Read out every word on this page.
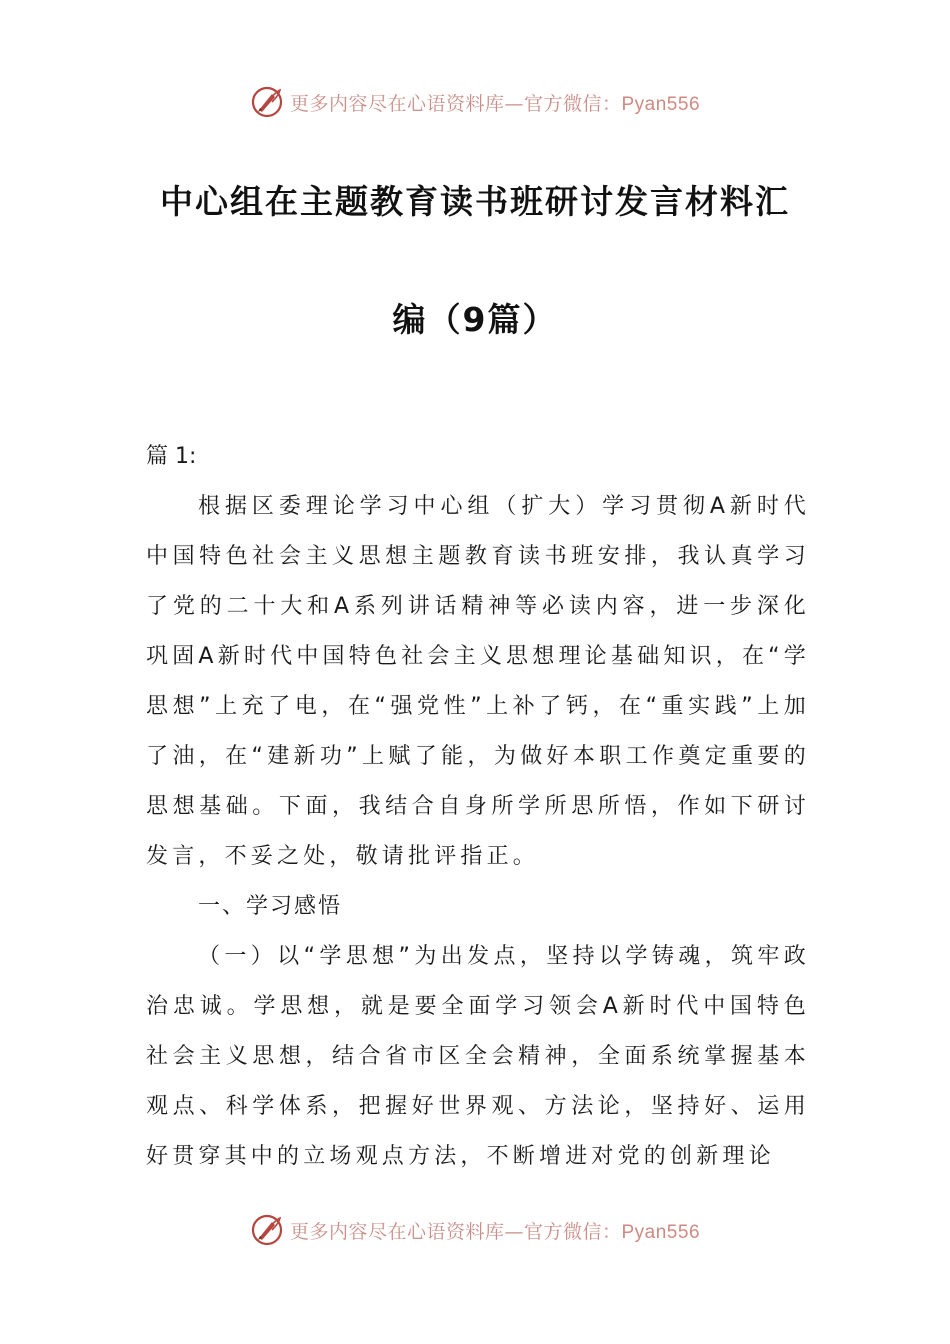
更多内容尽在心语资料库—官方微信：Pyan556
中心组在主题教育读书班研讨发言材料汇
编（9篇）

篇 1:

根据区委理论学习中心组（扩大）学习贯彻A新时代中国特色社会主义思想主题教育读书班安排，我认真学习了党的二十大和A系列讲话精神等必读内容，进一步深化巩固A新时代中国特色社会主义思想理论基础知识，在“学思想”上充了电，在“强党性”上补了钙，在“重实践”上加了油，在“建新功”上赋了能，为做好本职工作奠定重要的思想基础。下面，我结合自身所学所思所悟，作如下研讨发言，不妥之处，敬请批评指正。

一、学习感悟

（一）以“学思想”为出发点，坚持以学铸魂，筑牢政治忠诚。学思想，就是要全面学习领会A新时代中国特色社会主义思想，结合省市区全会精神，全面系统掌握基本观点、科学体系，把握好世界观、方法论，坚持好、运用好贯穿其中的立场观点方法，不断增进对党的创新理论

更多内容尽在心语资料库—官方微信：Pyan556
